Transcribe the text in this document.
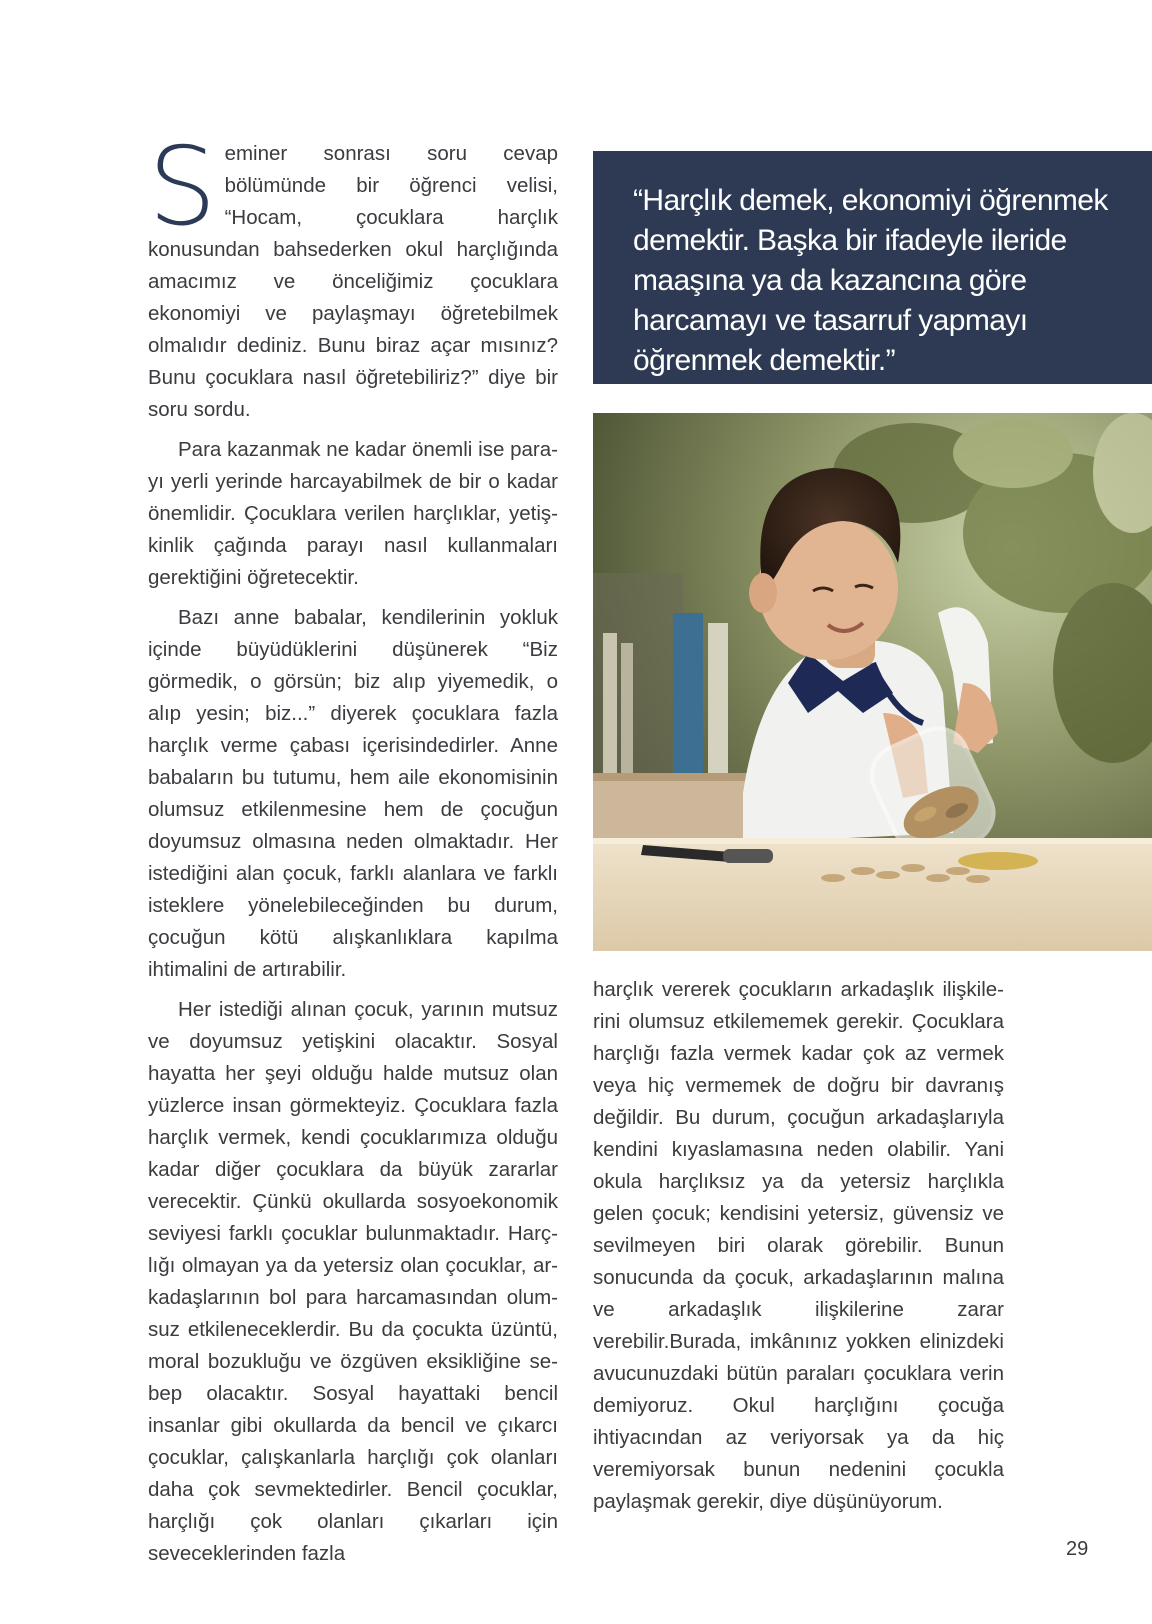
Seminer sonrası soru cevap bölümünde bir öğrenci velisi, “Hocam, çocuklara harçlık konusundan bahsederken okul harçlığında amacımız ve önceliğimiz çocuklara ekonomiyi ve paylaşmayı öğretebilmek olmalıdır dediniz. Bunu biraz açar mısınız? Bunu çocuklara nasıl öğretebiliriz?” diye bir soru sordu.

Para kazanmak ne kadar önemli ise parayı yerli yerinde harcayabilmek de bir o kadar önemlidir. Çocuklara verilen harçlıklar, yetişkinlik çağında parayı nasıl kullanmaları gerektiğini öğretecektir.

Bazı anne babalar, kendilerinin yokluk içinde büyüdüklerini düşünerek “Biz görmedik, o görsün; biz alıp yiyemedik, o alıp yesin; biz...” diyerek çocuklara fazla harçlık verme çabası içerisindedirler. Anne babaların bu tutumu, hem aile ekonomisinin olumsuz etkilenmesine hem de çocuğun doyumsuz olmasına neden olmaktadır. Her istediğini alan çocuk, farklı alanlara ve farklı isteklere yönelebileceğinden bu durum, çocuğun kötü alışkanlıklara kapılma ihtimalini de artırabilir.

Her istediği alınan çocuk, yarının mutsuz ve doyumsuz yetişkini olacaktır. Sosyal hayatta her şeyi olduğu halde mutsuz olan yüzlerce insan görmekteyiz. Çocuklara fazla harçlık vermek, kendi çocuklarımıza olduğu kadar diğer çocuklara da büyük zararlar verecektir. Çünkü okullarda sosyoekonomik seviyesi farklı çocuklar bulunmaktadır. Harçlığı olmayan ya da yetersiz olan çocuklar, arkadaşlarının bol para harcamasından olumsuz etkileneceklerdir. Bu da çocukta üzüntü, moral bozukluğu ve özgüven eksikliğine sebep olacaktır. Sosyal hayattaki bencil insanlar gibi okullarda da bencil ve çıkarcı çocuklar, çalışkanlarla harçlığı çok olanları daha çok sevmektedirler. Bencil çocuklar, harçlığı çok olanları çıkarları için seveceklerinden fazla

“Harçlık demek, ekonomiyi öğrenmek demektir. Başka bir ifadeyle ileride maaşına ya da kazancına göre harcamayı ve tasarruf yapmayı öğrenmek demektir.”

harçlık vererek çocukların arkadaşlık ilişkilerini olumsuz etkilememek gerekir. Çocuklara harçlığı fazla vermek kadar çok az vermek veya hiç vermemek de doğru bir davranış değildir. Bu durum, çocuğun arkadaşlarıyla kendini kıyaslamasına neden olabilir. Yani okula harçlıksız ya da yetersiz harçlıkla gelen çocuk; kendisini yetersiz, güvensiz ve sevilmeyen biri olarak görebilir. Bunun sonucunda da çocuk, arkadaşlarının malına ve arkadaşlık ilişkilerine zarar verebilir.Burada, imkânınız yokken elinizdeki avucunuzdaki bütün paraları çocuklara verin demiyoruz. Okul harçlığını çocuğa ihtiyacından az veriyorsak ya da hiç veremiyorsak bunun nedenini çocukla paylaşmak gerekir, diye düşünüyorum.

29
